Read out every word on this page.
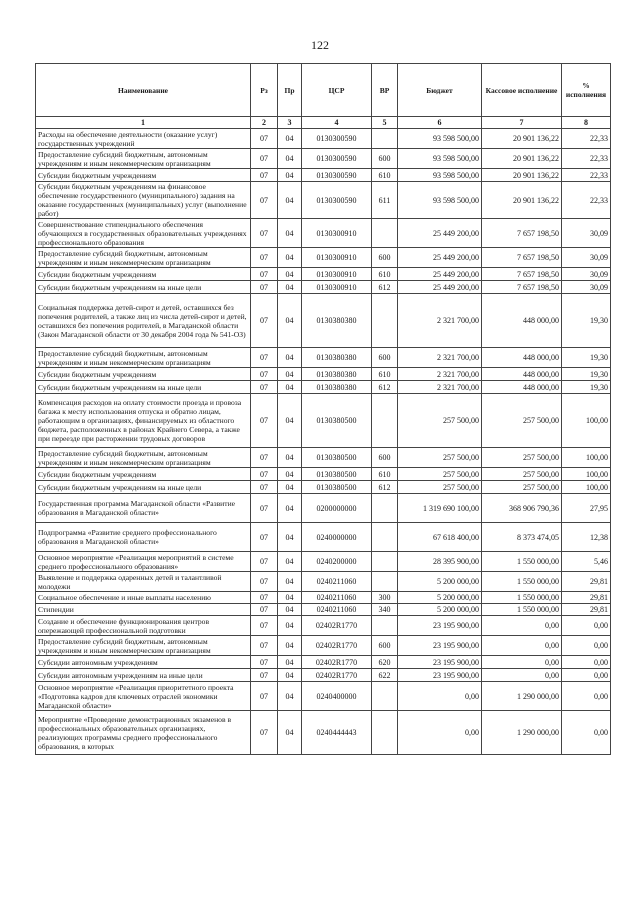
122
Наименование	Рз	Пр	ЦСР	ВР	Бюджет	Кассовое исполнение	% исполнения
1	2	3	4	5	6	7	8
Расходы на обеспечение деятельности (оказание услуг) государственных учреждений	07	04	0130300590		93 598 500,00	20 901 136,22	22,33
Предоставление субсидий бюджетным, автономным учреждениям и иным некоммерческим организациям	07	04	0130300590	600	93 598 500,00	20 901 136,22	22,33
Субсидии бюджетным учреждениям	07	04	0130300590	610	93 598 500,00	20 901 136,22	22,33
Субсидии бюджетным учреждениям на финансовое обеспечение государственного (муниципального) задания на оказание государственных (муниципальных) услуг (выполнение работ)	07	04	0130300590	611	93 598 500,00	20 901 136,22	22,33
Совершенствование стипендиального обеспечения обучающихся в государственных образовательных учреждениях профессионального образования	07	04	0130300910		25 449 200,00	7 657 198,50	30,09
Предоставление субсидий бюджетным, автономным учреждениям и иным некоммерческим организациям	07	04	0130300910	600	25 449 200,00	7 657 198,50	30,09
Субсидии бюджетным учреждениям	07	04	0130300910	610	25 449 200,00	7 657 198,50	30,09
Субсидии бюджетным учреждениям на иные цели	07	04	0130300910	612	25 449 200,00	7 657 198,50	30,09
Социальная поддержка детей-сирот и детей, оставшихся без попечения родителей, а также лиц из числа детей-сирот и детей, оставшихся без попечения родителей, в Магаданской области (Закон Магаданской области от 30 декабря 2004 года № 541-ОЗ)	07	04	0130380380		2 321 700,00	448 000,00	19,30
Предоставление субсидий бюджетным, автономным учреждениям и иным некоммерческим организациям	07	04	0130380380	600	2 321 700,00	448 000,00	19,30
Субсидии бюджетным учреждениям	07	04	0130380380	610	2 321 700,00	448 000,00	19,30
Субсидии бюджетным учреждениям на иные цели	07	04	0130380380	612	2 321 700,00	448 000,00	19,30
Компенсация расходов на оплату стоимости проезда и провоза багажа к месту использования отпуска и обратно лицам, работающим в организациях, финансируемых из областного бюджета, расположенных в районах Крайнего Севера, а также при переезде при расторжении трудовых договоров	07	04	0130380500		257 500,00	257 500,00	100,00
Предоставление субсидий бюджетным, автономным учреждениям и иным некоммерческим организациям	07	04	0130380500	600	257 500,00	257 500,00	100,00
Субсидии бюджетным учреждениям	07	04	0130380500	610	257 500,00	257 500,00	100,00
Субсидии бюджетным учреждениям на иные цели	07	04	0130380500	612	257 500,00	257 500,00	100,00
Государственная программа Магаданской области «Развитие образования в Магаданской области»	07	04	0200000000		1 319 690 100,00	368 906 790,36	27,95
Подпрограмма «Развитие среднего профессионального образования в Магаданской области»	07	04	0240000000		67 618 400,00	8 373 474,05	12,38
Основное мероприятие «Реализация мероприятий в системе среднего профессионального образования»	07	04	0240200000		28 395 900,00	1 550 000,00	5,46
Выявление и поддержка одаренных детей и талантливой молодежи	07	04	0240211060		5 200 000,00	1 550 000,00	29,81
Социальное обеспечение и иные выплаты населению	07	04	0240211060	300	5 200 000,00	1 550 000,00	29,81
Стипендии	07	04	0240211060	340	5 200 000,00	1 550 000,00	29,81
Создание и обеспечение функционирования центров опережающей профессиональной подготовки	07	04	02402R1770		23 195 900,00	0,00	0,00
Предоставление субсидий бюджетным, автономным учреждениям и иным некоммерческим организациям	07	04	02402R1770	600	23 195 900,00	0,00	0,00
Субсидии автономным учреждениям	07	04	02402R1770	620	23 195 900,00	0,00	0,00
Субсидии автономным учреждениям на иные цели	07	04	02402R1770	622	23 195 900,00	0,00	0,00
Основное мероприятие «Реализация приоритетного проекта «Подготовка кадров для ключевых отраслей экономики Магаданской области»	07	04	0240400000		0,00	1 290 000,00	0,00
Мероприятие «Проведение демонстрационных экзаменов в профессиональных образовательных организациях, реализующих программы среднего профессионального образования, в которых	07	04	0240444443		0,00	1 290 000,00	0,00
